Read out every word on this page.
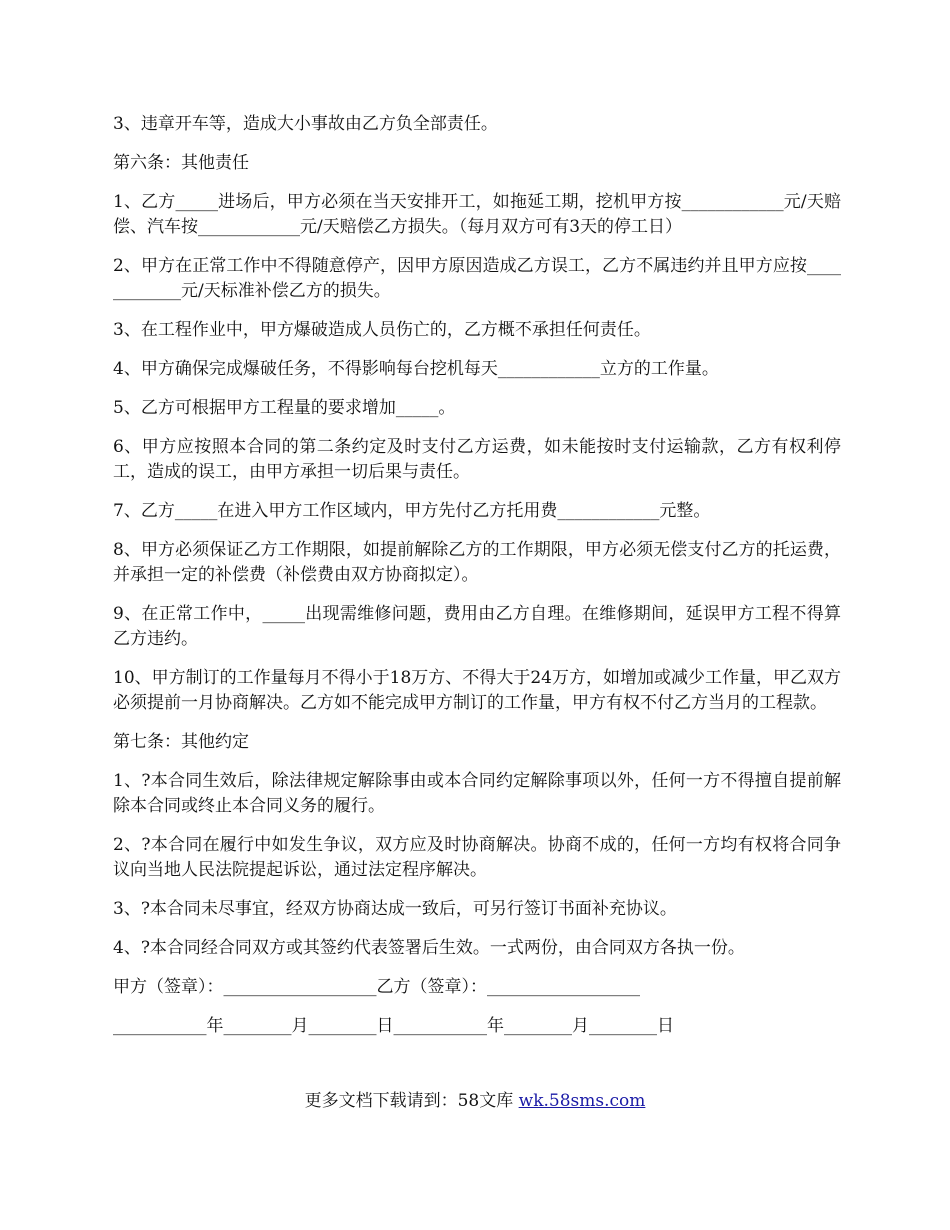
3、违章开车等，造成大小事故由乙方负全部责任。

第六条：其他责任

1、乙方_____进场后，甲方必须在当天安排开工，如拖延工期，挖机甲方按____________元/天赔偿、汽车按____________元/天赔偿乙方损失。（每月双方可有3天的停工日）

2、甲方在正常工作中不得随意停产，因甲方原因造成乙方误工，乙方不属违约并且甲方应按____________元/天标准补偿乙方的损失。

3、在工程作业中，甲方爆破造成人员伤亡的，乙方概不承担任何责任。

4、甲方确保完成爆破任务，不得影响每台挖机每天____________立方的工作量。

5、乙方可根据甲方工程量的要求增加_____。

6、甲方应按照本合同的第二条约定及时支付乙方运费，如未能按时支付运输款，乙方有权利停工，造成的误工，由甲方承担一切后果与责任。

7、乙方_____在进入甲方工作区域内，甲方先付乙方托用费____________元整。

8、甲方必须保证乙方工作期限，如提前解除乙方的工作期限，甲方必须无偿支付乙方的托运费，并承担一定的补偿费（补偿费由双方协商拟定）。

9、在正常工作中，_____出现需维修问题，费用由乙方自理。在维修期间，延误甲方工程不得算乙方违约。

10、甲方制订的工作量每月不得小于18万方、不得大于24万方，如增加或减少工作量，甲乙双方必须提前一月协商解决。乙方如不能完成甲方制订的工作量，甲方有权不付乙方当月的工程款。

第七条：其他约定

1、?本合同生效后，除法律规定解除事由或本合同约定解除事项以外，任何一方不得擅自提前解除本合同或终止本合同义务的履行。

2、?本合同在履行中如发生争议，双方应及时协商解决。协商不成的，任何一方均有权将合同争议向当地人民法院提起诉讼，通过法定程序解决。

3、?本合同未尽事宜，经双方协商达成一致后，可另行签订书面补充协议。

4、?本合同经合同双方或其签约代表签署后生效。一式两份，由合同双方各执一份。

甲方（签章）：__________________乙方（签章）：__________________

___________年________月________日___________年________月________日

更多文档下载请到：58文库 wk.58sms.com
